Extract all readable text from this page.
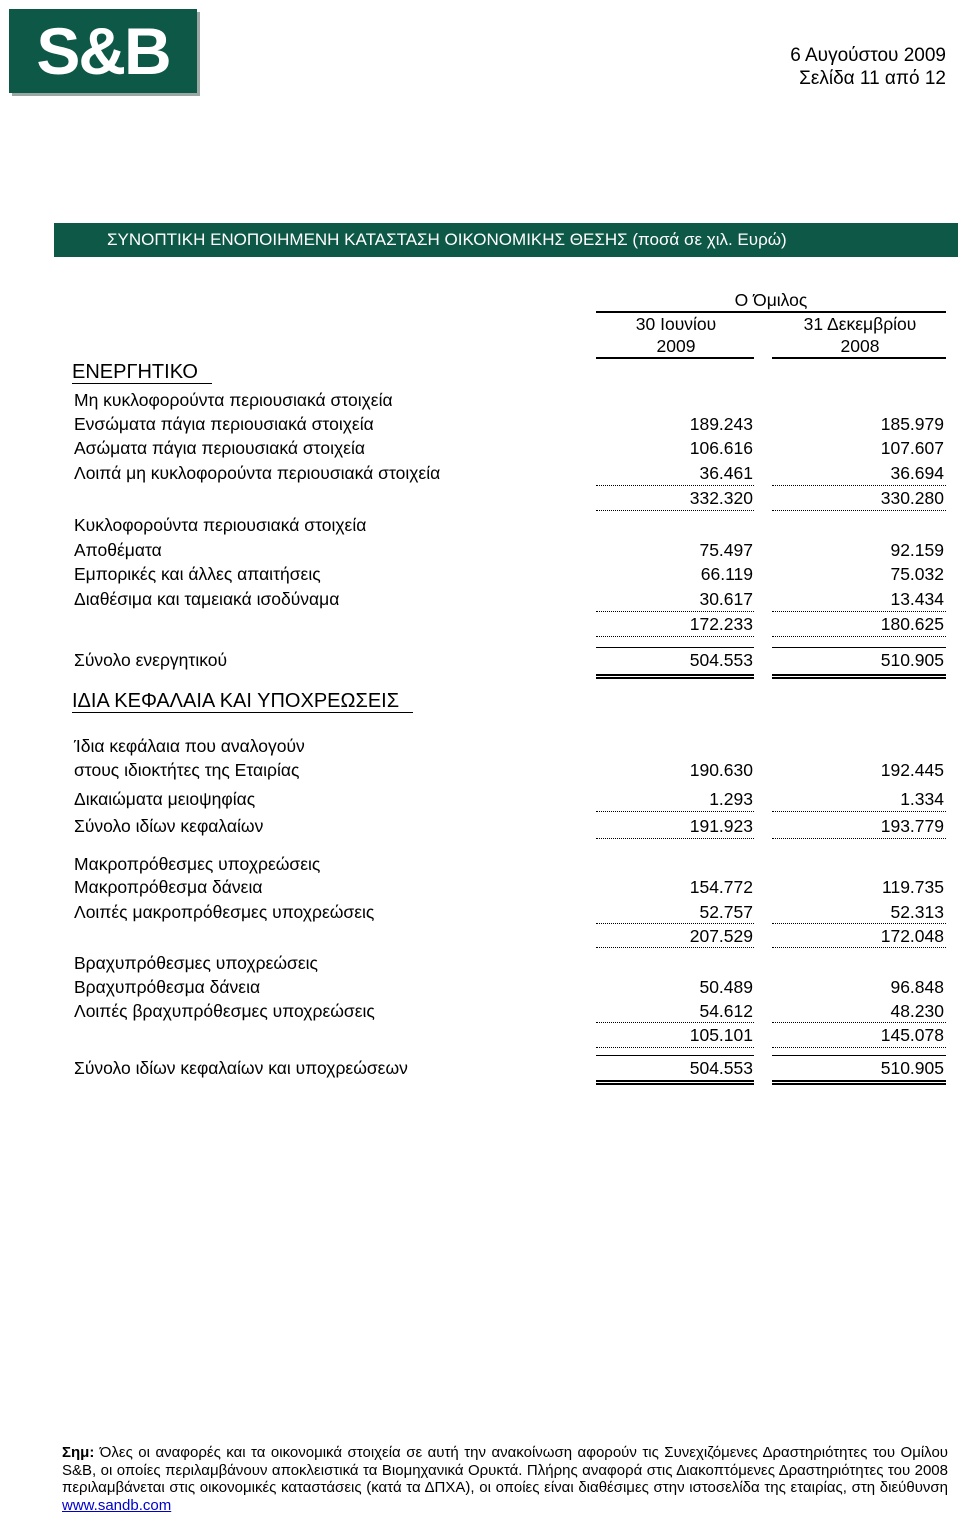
S&B	6 Αυγούστου 2009
Σελίδα 11 από 12
ΣΥΝΟΠΤΙΚΗ ΕΝΟΠΟΙΗΜΕΝΗ ΚΑΤΑΣΤΑΣΗ ΟΙΚΟΝΟΜΙΚΗΣ ΘΕΣΗΣ (ποσά σε χιλ. Ευρώ)
Ο Όμιλος
30 Ιουνίου
2009
31 Δεκεμβρίου
2008
ΕΝΕΡΓΗΤΙΚΟ
Μη κυκλοφορούντα περιουσιακά στοιχεία
Ενσώματα πάγια περιουσιακά στοιχεία	189.243	185.979
Ασώματα πάγια περιουσιακά στοιχεία	106.616	107.607
Λοιπά μη κυκλοφορούντα περιουσιακά στοιχεία	36.461	36.694
332.320	330.280
Κυκλοφορούντα περιουσιακά στοιχεία
Αποθέματα	75.497	92.159
Εμπορικές και άλλες απαιτήσεις	66.119	75.032
Διαθέσιμα και ταμειακά ισοδύναμα	30.617	13.434
172.233	180.625
Σύνολο ενεργητικού	504.553	510.905
ΙΔΙΑ ΚΕΦΑΛΑΙΑ ΚΑΙ ΥΠΟΧΡΕΩΣΕΙΣ
Ίδια κεφάλαια που αναλογούν
στους ιδιοκτήτες της Εταιρίας	190.630	192.445
Δικαιώματα μειοψηφίας	1.293	1.334
Σύνολο ιδίων κεφαλαίων	191.923	193.779
Μακροπρόθεσμες υποχρεώσεις
Μακροπρόθεσμα δάνεια	154.772	119.735
Λοιπές μακροπρόθεσμες υποχρεώσεις	52.757	52.313
207.529	172.048
Βραχυπρόθεσμες υποχρεώσεις
Βραχυπρόθεσμα δάνεια	50.489	96.848
Λοιπές βραχυπρόθεσμες υποχρεώσεις	54.612	48.230
105.101	145.078
Σύνολο ιδίων κεφαλαίων και υποχρεώσεων	504.553	510.905
Σημ: Όλες οι αναφορές και τα οικονομικά στοιχεία σε αυτή την ανακοίνωση αφορούν τις Συνεχιζόμενες Δραστηριότητες του Ομίλου S&B, οι οποίες περιλαμβάνουν αποκλειστικά τα Βιομηχανικά Ορυκτά. Πλήρης αναφορά στις Διακοπτόμενες Δραστηριότητες του 2008 περιλαμβάνεται στις οικονομικές καταστάσεις (κατά τα ΔΠΧΑ), οι οποίες είναι διαθέσιμες στην ιστοσελίδα της εταιρίας, στη διεύθυνση www.sandb.com
